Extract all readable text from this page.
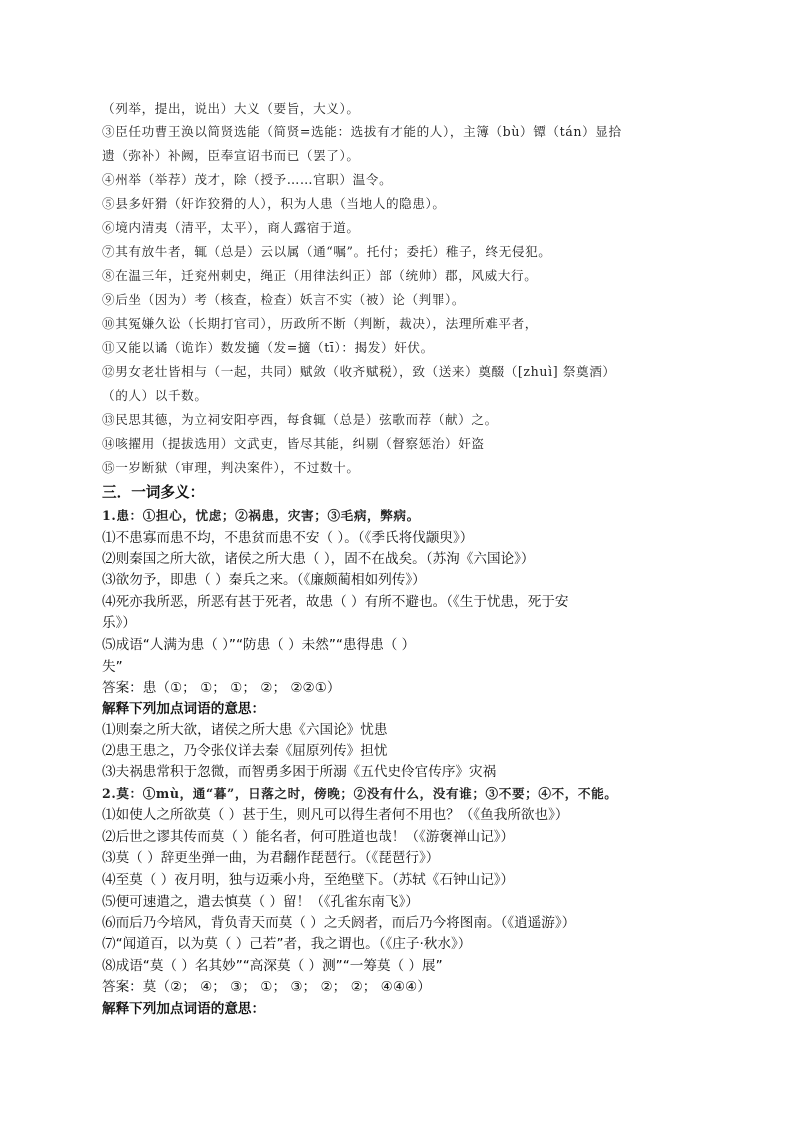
（列举，提出，说出）大义（要旨，大义）。
③臣任功曹王涣以简贤选能（简贤=选能：选拔有才能的人），主簿（bù）镡（tán）显拾
遗（弥补）补阙，臣奉宣诏书而已（罢了）。
④州举（举荐）茂才，除（授予……官职）温令。
⑤县多奸猾（奸诈狡猾的人），积为人患（当地人的隐患）。
⑥境内清夷（清平，太平），商人露宿于道。
⑦其有放牛者，辄（总是）云以属（通“嘱”。托付；委托）稚子，终无侵犯。
⑧在温三年，迁兖州刺史，绳正（用律法纠正）部（统帅）郡，风威大行。
⑨后坐（因为）考（核查，检查）妖言不实（被）论（判罪）。
⑩其冤嫌久讼（长期打官司），历政所不断（判断，裁决），法理所难平者，
⑪又能以谲（诡诈）数发擿（发=擿（tī）：揭发）奸伏。
⑫男女老壮皆相与（一起，共同）赋敛（收齐赋税），致（送来）奠醊（[zhuì] 祭奠酒）
（的人）以千数。
⑬民思其德，为立祠安阳亭西，每食辄（总是）弦歌而荐（献）之。
⑭咳擢用（提拔选用）文武吏，皆尽其能，纠剔（督察惩治）奸盗
⑮一岁断狱（审理，判决案件），不过数十。
三．一词多义：
1.患：①担心，忧虑；②祸患，灾害；③毛病，弊病。
⑴不患寡而患不均，不患贫而患不安（ ）。（《季氏将伐颛臾》）
⑵则秦国之所大欲，诸侯之所大患（ ），固不在战矣。（苏洵《六国论》）
⑶欲勿予，即患（ ）秦兵之来。（《廉颇蔺相如列传》）
⑷死亦我所恶，所恶有甚于死者，故患（ ）有所不避也。（《生于忧患，死于安
乐》）
⑸成语“人满为患（ ）”“防患（ ）未然”“患得患（ ）
失”
答案：患（①； ①； ①； ②； ②②①）
解释下列加点词语的意思：
⑴则秦之所大欲，诸侯之所大患《六国论》忧患
⑵患王患之，乃令张仪详去秦《屈原列传》担忧
⑶夫祸患常积于忽微，而智勇多困于所溺《五代史伶官传序》灾祸
2.莫：①mù，通“暮”，日落之时，傍晚；②没有什么，没有谁；③不要；④不，不能。
⑴如使人之所欲莫（ ）甚于生，则凡可以得生者何不用也？（《鱼我所欲也》）
⑵后世之谬其传而莫（ ）能名者，何可胜道也哉！（《游褒禅山记》）
⑶莫（ ）辞更坐弹一曲，为君翻作琵琶行。（《琵琶行》）
⑷至莫（ ）夜月明，独与迈乘小舟，至绝壁下。（苏轼《石钟山记》）
⑸便可速遣之，遣去慎莫（ ）留！（《孔雀东南飞》）
⑹而后乃今培风，背负青天而莫（ ）之夭阏者，而后乃今将图南。（《逍遥游》）
⑺“闻道百，以为莫（ ）己若”者，我之谓也。（《庄子·秋水》）
⑻成语“莫（ ）名其妙”“高深莫（ ）测”“一筹莫（ ）展”
答案：莫（②； ④； ③； ①； ③； ②； ②； ④④④）
解释下列加点词语的意思：
